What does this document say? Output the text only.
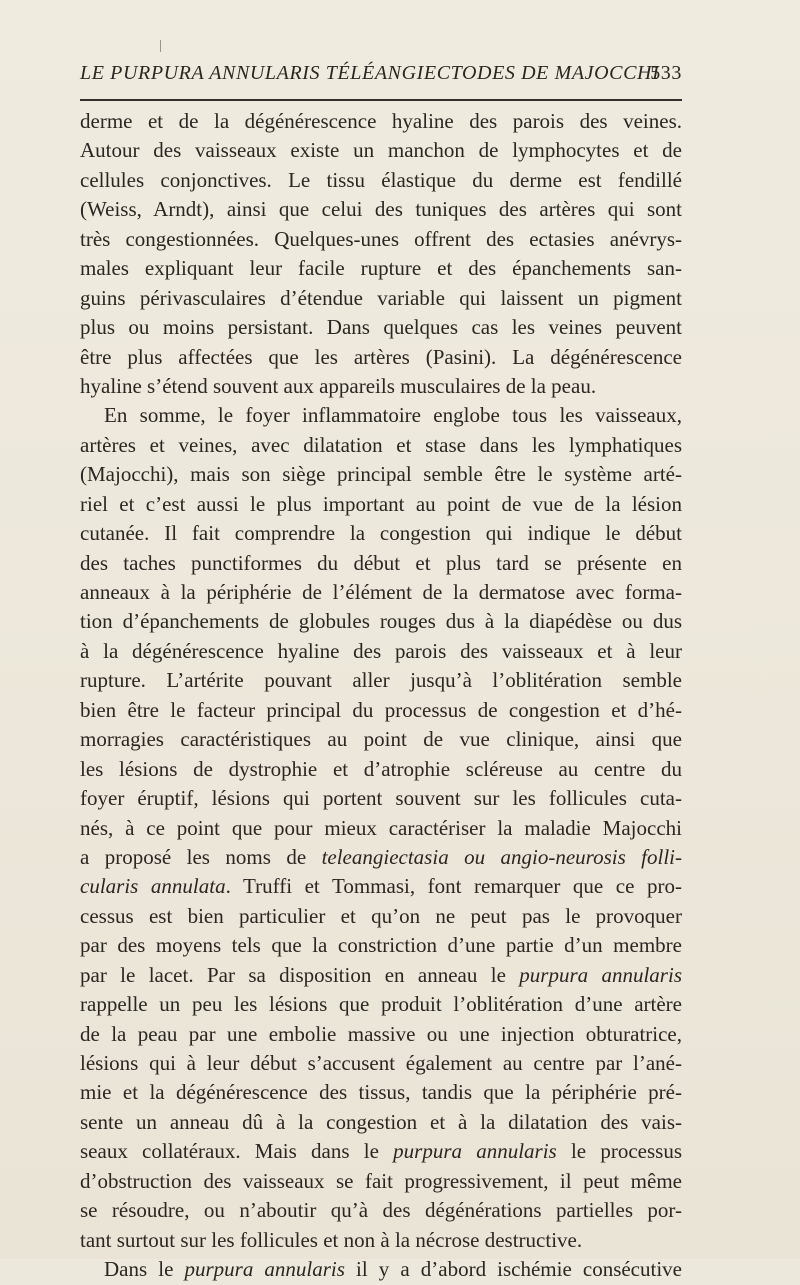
LE PURPURA ANNULARIS TÉLÉANGIECTODES DE MAJOCCHI
533
derme et de la dégénérescence hyaline des parois des veines.
Autour des vaisseaux existe un manchon de lymphocytes et de
cellules conjonctives. Le tissu élastique du derme est fendillé
(Weiss, Arndt), ainsi que celui des tuniques des artères qui sont
très congestionnées. Quelques-unes offrent des ectasies anévrys-
males expliquant leur facile rupture et des épanchements san-
guins périvasculaires d’étendue variable qui laissent un pigment
plus ou moins persistant. Dans quelques cas les veines peuvent
être plus affectées que les artères (Pasini). La dégénérescence
hyaline s’étend souvent aux appareils musculaires de la peau.
En somme, le foyer inflammatoire englobe tous les vaisseaux,
artères et veines, avec dilatation et stase dans les lymphatiques
(Majocchi), mais son siège principal semble être le système arté-
riel et c’est aussi le plus important au point de vue de la lésion
cutanée. Il fait comprendre la congestion qui indique le début
des taches punctiformes du début et plus tard se présente en
anneaux à la périphérie de l’élément de la dermatose avec forma-
tion d’épanchements de globules rouges dus à la diapédèse ou dus
à la dégénérescence hyaline des parois des vaisseaux et à leur
rupture. L’artérite pouvant aller jusqu’à l’oblitération semble
bien être le facteur principal du processus de congestion et d’hé-
morragies caractéristiques au point de vue clinique, ainsi que
les lésions de dystrophie et d’atrophie scléreuse au centre du
foyer éruptif, lésions qui portent souvent sur les follicules cuta-
nés, à ce point que pour mieux caractériser la maladie Majocchi
a proposé les noms de teleangiectasia ou angio-neurosis folli-
cularis annulata. Truffi et Tommasi, font remarquer que ce pro-
cessus est bien particulier et qu’on ne peut pas le provoquer
par des moyens tels que la constriction d’une partie d’un membre
par le lacet. Par sa disposition en anneau le purpura annularis
rappelle un peu les lésions que produit l’oblitération d’une artère
de la peau par une embolie massive ou une injection obturatrice,
lésions qui à leur début s’accusent également au centre par l’ané-
mie et la dégénérescence des tissus, tandis que la périphérie pré-
sente un anneau dû à la congestion et à la dilatation des vais-
seaux collatéraux. Mais dans le purpura annularis le processus
d’obstruction des vaisseaux se fait progressivement, il peut même
se résoudre, ou n’aboutir qu’à des dégénérations partielles por-
tant surtout sur les follicules et non à la nécrose destructive.
Dans le purpura annularis il y a d’abord ischémie consécutive
